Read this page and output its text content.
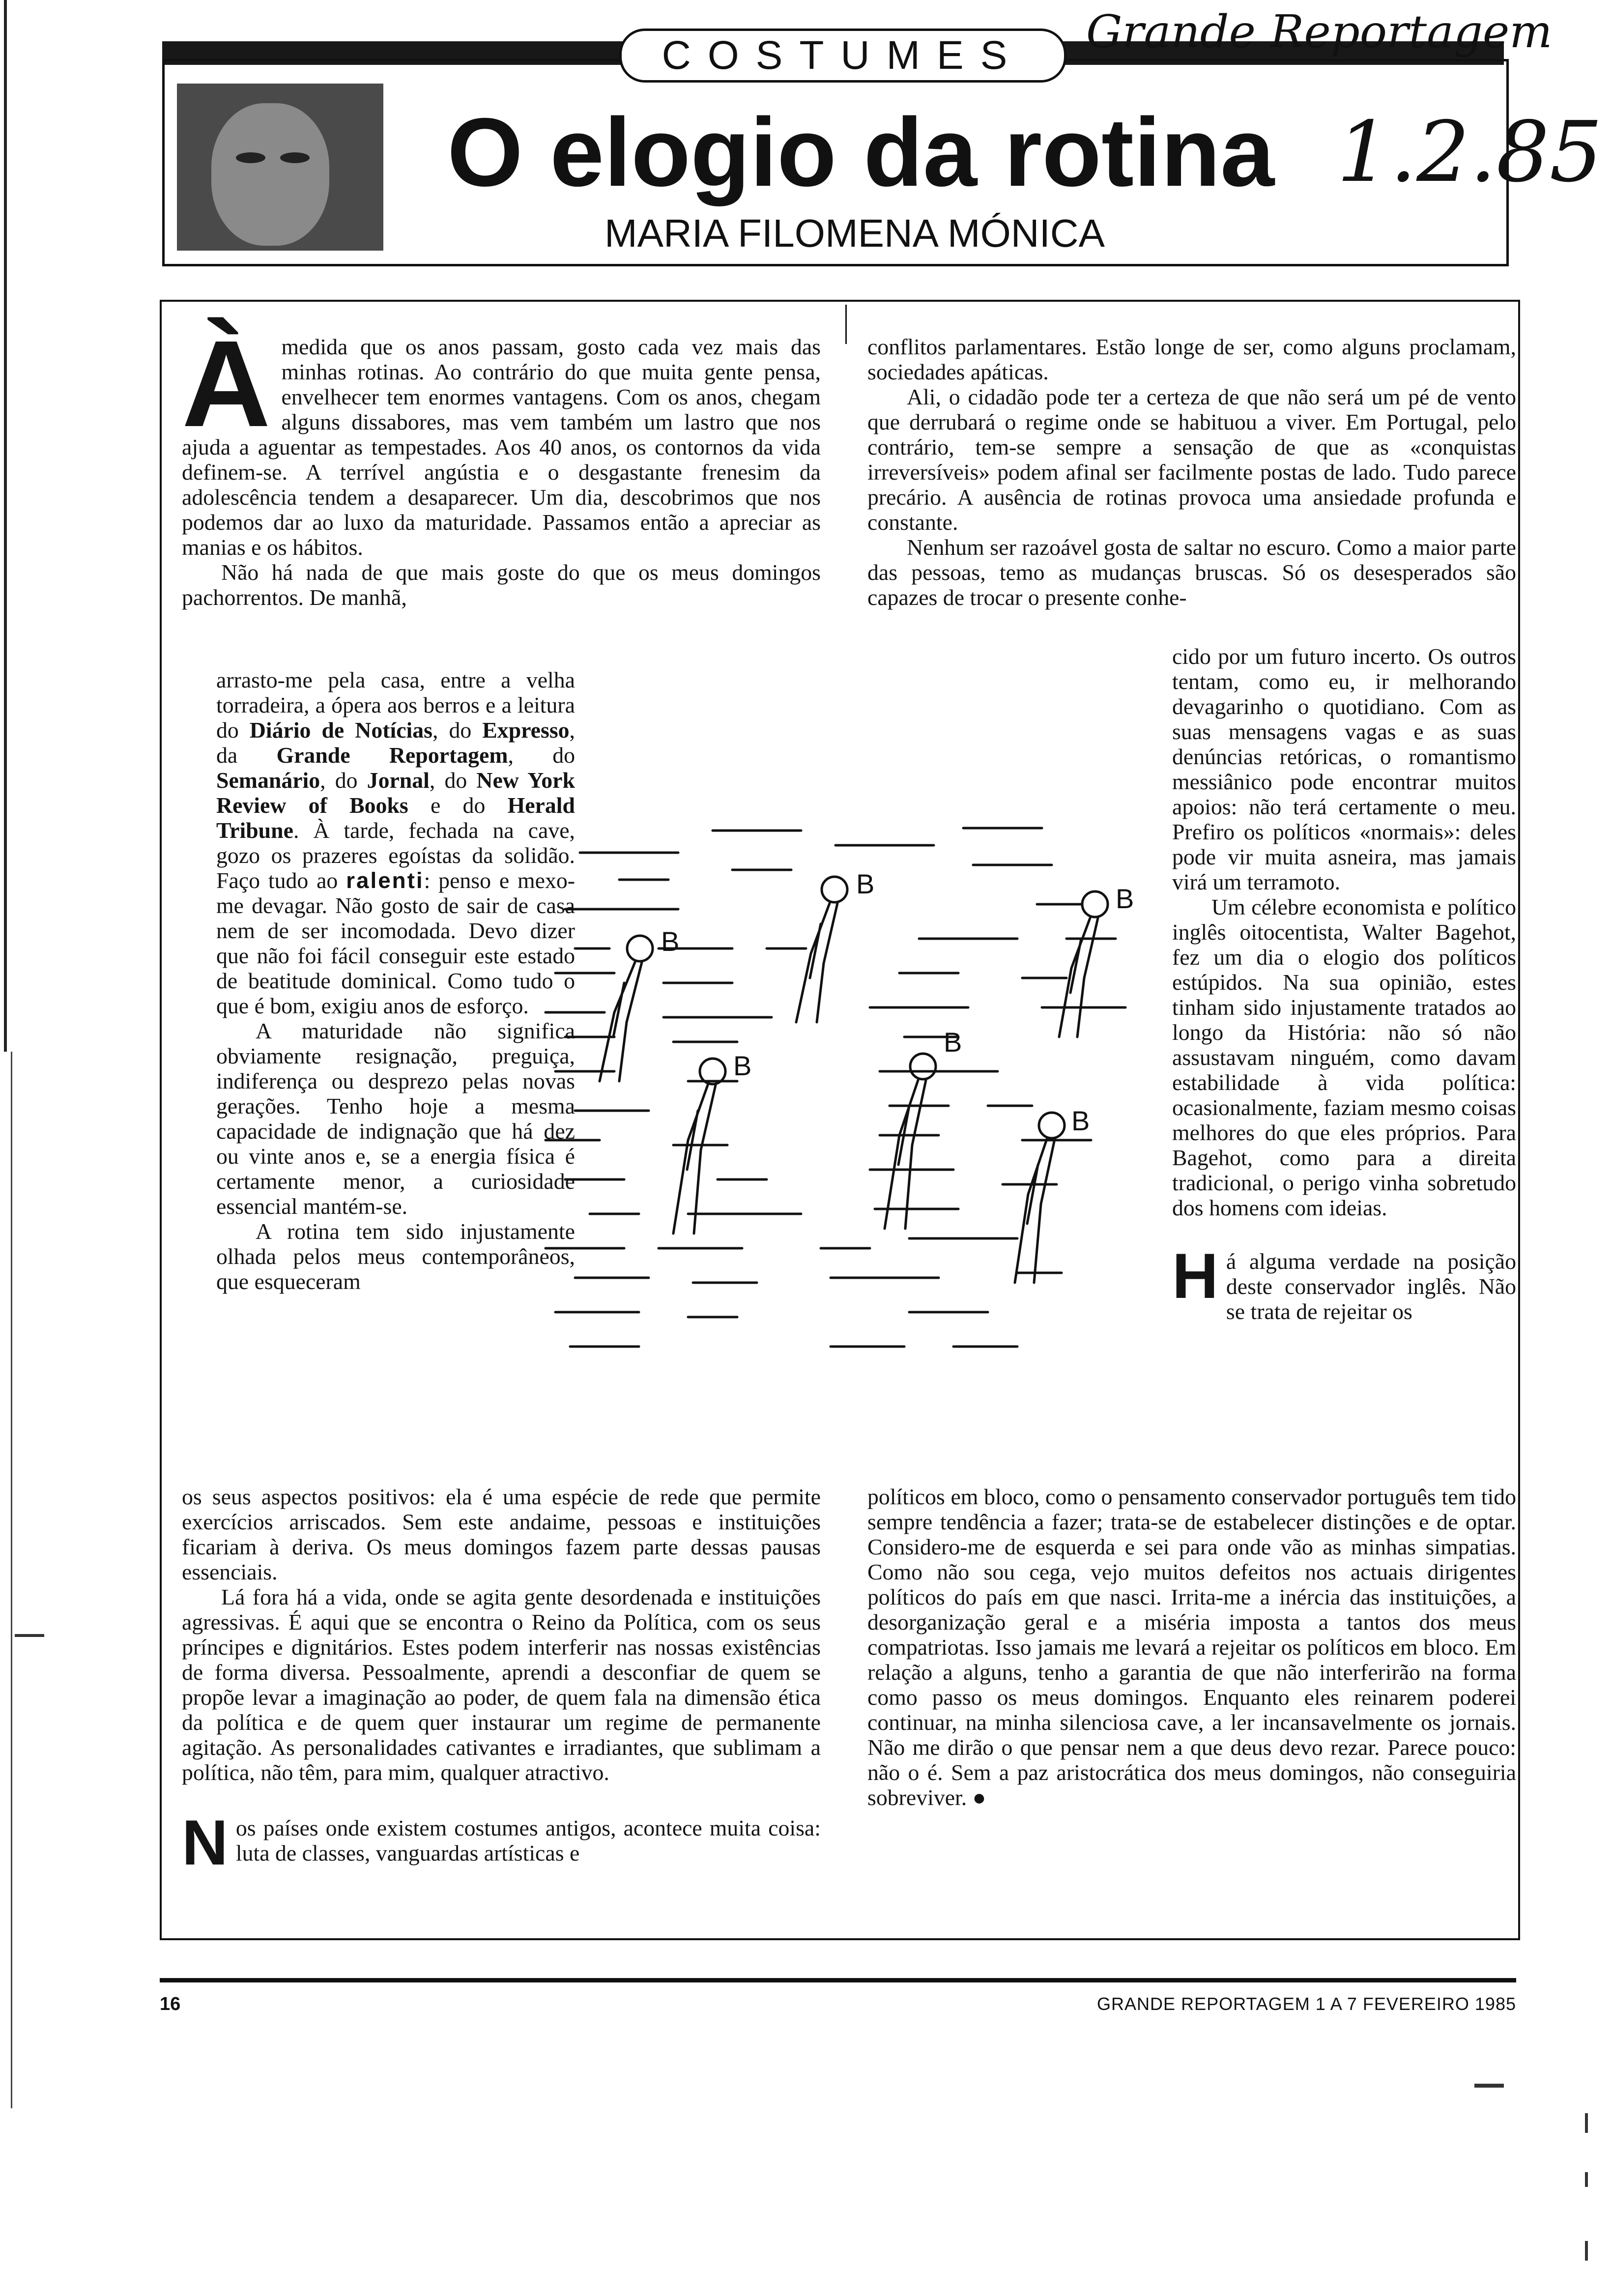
COSTUMES	Grande Reportagem
O elogio da rotina 1.2.85
MARIA FILOMENA MÓNICA

À medida que os anos passam, gosto cada vez mais das minhas rotinas. Ao contrário do que muita gente pensa, envelhecer tem enormes vantagens. Com os anos, chegam alguns dissabores, mas vem também um lastro que nos ajuda a aguentar as tempestades. Aos 40 anos, os contornos da vida definem-se. A terrível angústia e o desgastante frenesim da adolescência tendem a desaparecer. Um dia, descobrimos que nos podemos dar ao luxo da maturidade. Passamos então a apreciar as manias e os hábitos.

Não há nada de que mais goste do que os meus domingos pachorrentos. De manhã,

arrasto-me pela casa, entre a velha torradeira, a ópera aos berros e a leitura do Diário de Notícias, do Expresso, da Grande Reportagem, do Semanário, do Jornal, do New York Review of Books e do Herald Tribune. À tarde, fechada na cave, gozo os prazeres egoístas da solidão. Faço tudo ao ralenti: penso e mexo-me devagar. Não gosto de sair de casa nem de ser incomodada. Devo dizer que não foi fácil conseguir este estado de beatitude dominical. Como tudo o que é bom, exigiu anos de esforço.

A maturidade não significa obviamente resignação, preguiça, indiferença ou desprezo pelas novas gerações. Tenho hoje a mesma capacidade de indignação que há dez ou vinte anos e, se a energia física é certamente menor, a curiosidade essencial mantém-se.

A rotina tem sido injustamente olhada pelos meus contemporâneos, que esqueceram

os seus aspectos positivos: ela é uma espécie de rede que permite exercícios arriscados. Sem este andaime, pessoas e instituições ficariam à deriva. Os meus domingos fazem parte dessas pausas essenciais.

Lá fora há a vida, onde se agita gente desordenada e instituições agressivas. É aqui que se encontra o Reino da Política, com os seus príncipes e dignitários. Estes podem interferir nas nossas existências de forma diversa. Pessoalmente, aprendi a desconfiar de quem se propõe levar a imaginação ao poder, de quem fala na dimensão ética da política e de quem quer instaurar um regime de permanente agitação. As personalidades cativantes e irradiantes, que sublimam a política, não têm, para mim, qualquer atractivo.

Nos países onde existem costumes antigos, acontece muita coisa: luta de classes, vanguardas artísticas e

conflitos parlamentares. Estão longe de ser, como alguns proclamam, sociedades apáticas.

Ali, o cidadão pode ter a certeza de que não será um pé de vento que derrubará o regime onde se habituou a viver. Em Portugal, pelo contrário, tem-se sempre a sensação de que as «conquistas irreversíveis» podem afinal ser facilmente postas de lado. Tudo parece precário. A ausência de rotinas provoca uma ansiedade profunda e constante.

Nenhum ser razoável gosta de saltar no escuro. Como a maior parte das pessoas, temo as mudanças bruscas. Só os desesperados são capazes de trocar o presente conhe-

cido por um futuro incerto. Os outros tentam, como eu, ir melhorando devagarinho o quotidiano. Com as suas mensagens vagas e as suas denúncias retóricas, o romantismo messiânico pode encontrar muitos apoios: não terá certamente o meu. Prefiro os políticos «normais»: deles pode vir muita asneira, mas jamais virá um terramoto.

Um célebre economista e político inglês oitocentista, Walter Bagehot, fez um dia o elogio dos políticos estúpidos. Na sua opinião, estes tinham sido injustamente tratados ao longo da História: não só não assustavam ninguém, como davam estabilidade à vida política: ocasionalmente, faziam mesmo coisas melhores do que eles próprios. Para Bagehot, como para a direita tradicional, o perigo vinha sobretudo dos homens com ideias.

Há alguma verdade na posição deste conservador inglês. Não se trata de rejeitar os

políticos em bloco, como o pensamento conservador português tem tido sempre tendência a fazer; trata-se de estabelecer distinções e de optar. Considero-me de esquerda e sei para onde vão as minhas simpatias. Como não sou cega, vejo muitos defeitos nos actuais dirigentes políticos do país em que nasci. Irrita-me a inércia das instituições, a desorganização geral e a miséria imposta a tantos dos meus compatriotas. Isso jamais me levará a rejeitar os políticos em bloco. Em relação a alguns, tenho a garantia de que não interferirão na forma como passo os meus domingos. Enquanto eles reinarem poderei continuar, na minha silenciosa cave, a ler incansavelmente os jornais. Não me dirão o que pensar nem a que deus devo rezar. Parece pouco: não o é. Sem a paz aristocrática dos meus domingos, não conseguiria sobreviver. ●

B
B	B
B
B
B
16	GRANDE REPORTAGEM 1 A 7 FEVEREIRO 1985
